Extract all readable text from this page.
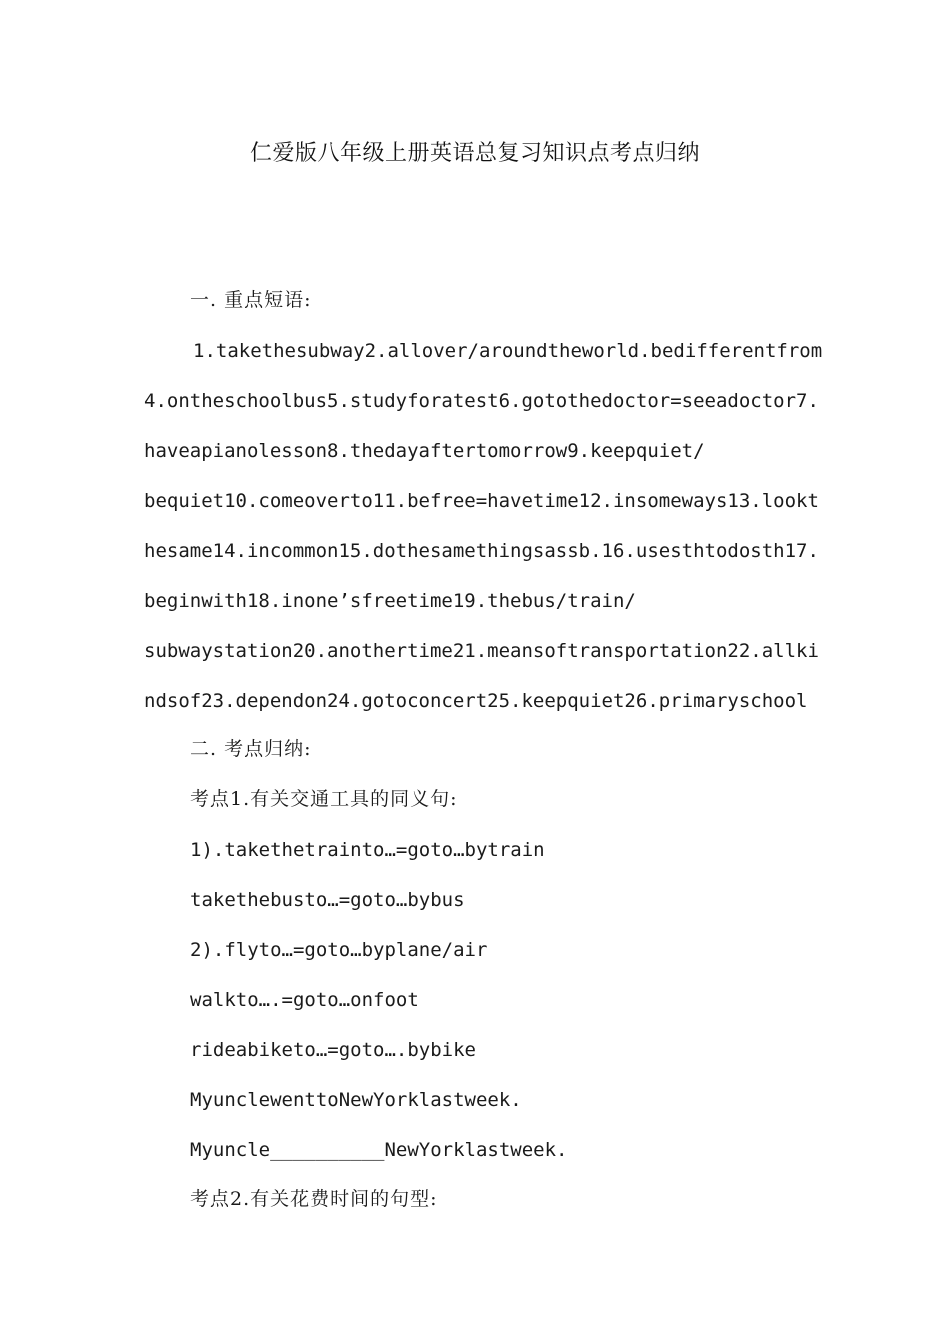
仁爱版八年级上册英语总复习知识点考点归纳
一. 重点短语:
1.takethesubway2.allover/aroundtheworld.bedifferentfrom
4.ontheschoolbus5.studyforatest6.gotothedoctor=seeadoctor7.
haveapianolesson8.thedayaftertomorrow9.keepquiet/
bequiet10.comeoverto11.befree=havetime12.insomeways13.lookt
hesame14.incommon15.dothesamethingsassb.16.usesthtodosth17.
beginwith18.inone’sfreetime19.thebus/train/
subwaystation20.anothertime21.meansoftransportation22.allki
ndsof23.dependon24.gotoconcert25.keepquiet26.primaryschool
二. 考点归纳:
考点1.有关交通工具的同义句:
1).takethetrainto…=goto…bytrain
takethebusto…=goto…bybus
2).flyto…=goto…byplane/air
walkto….=goto…onfoot
rideabiketo…=goto….bybike
MyunclewenttoNewYorklastweek.
Myuncle__________NewYorklastweek.
考点2.有关花费时间的句型:
